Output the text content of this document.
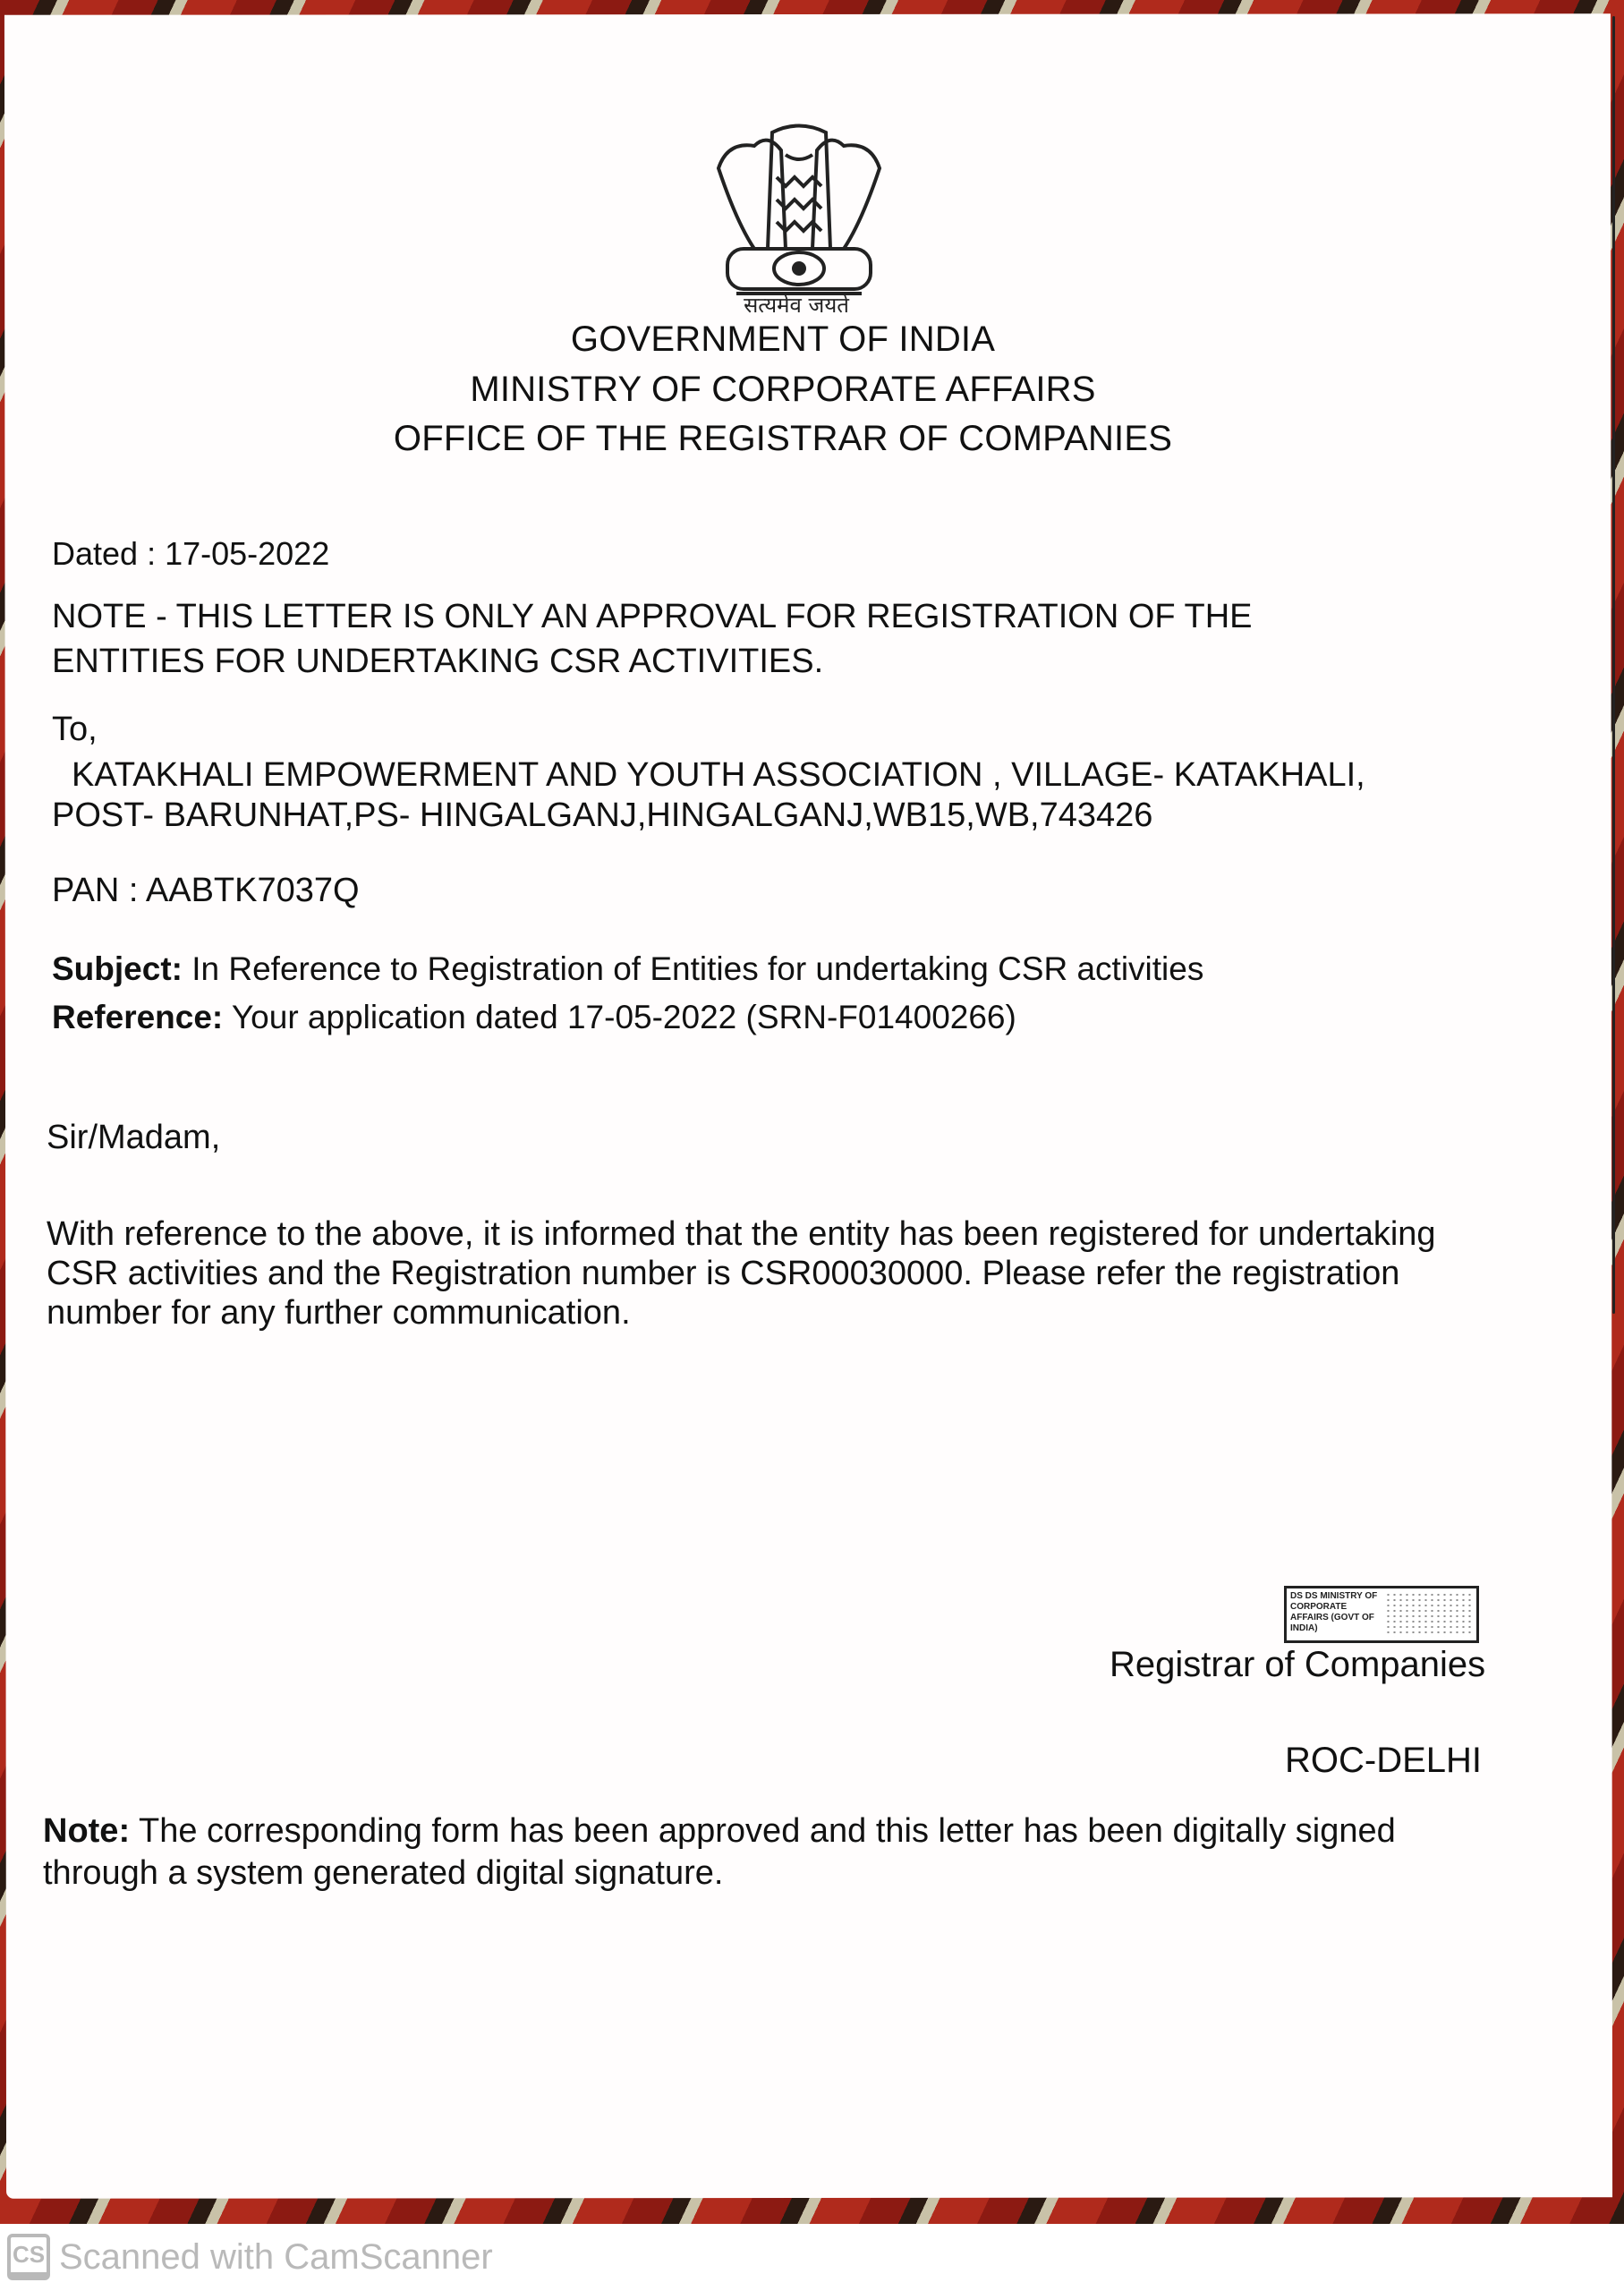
सत्यमेव जयते
GOVERNMENT OF INDIA
MINISTRY OF CORPORATE AFFAIRS
OFFICE OF THE REGISTRAR OF COMPANIES
Dated : 17-05-2022
NOTE - THIS LETTER IS ONLY AN APPROVAL FOR REGISTRATION OF THE
ENTITIES FOR UNDERTAKING CSR ACTIVITIES.
To,
KATAKHALI EMPOWERMENT AND YOUTH ASSOCIATION , VILLAGE- KATAKHALI,
POST- BARUNHAT,PS- HINGALGANJ,HINGALGANJ,WB15,WB,743426
PAN : AABTK7037Q
Subject: In Reference to Registration of Entities for undertaking CSR activities
Reference: Your application dated 17-05-2022 (SRN-F01400266)
Sir/Madam,
With reference to the above, it is informed that the entity has been registered for undertaking
CSR activities and the Registration number is CSR00030000. Please refer the registration
number for any further communication.
DS DS MINISTRY OF CORPORATE AFFAIRS (GOVT OF INDIA)
Registrar of Companies
ROC-DELHI
Note: The corresponding form has been approved and this letter has been digitally signed
through a system generated digital signature.
CS Scanned with CamScanner
